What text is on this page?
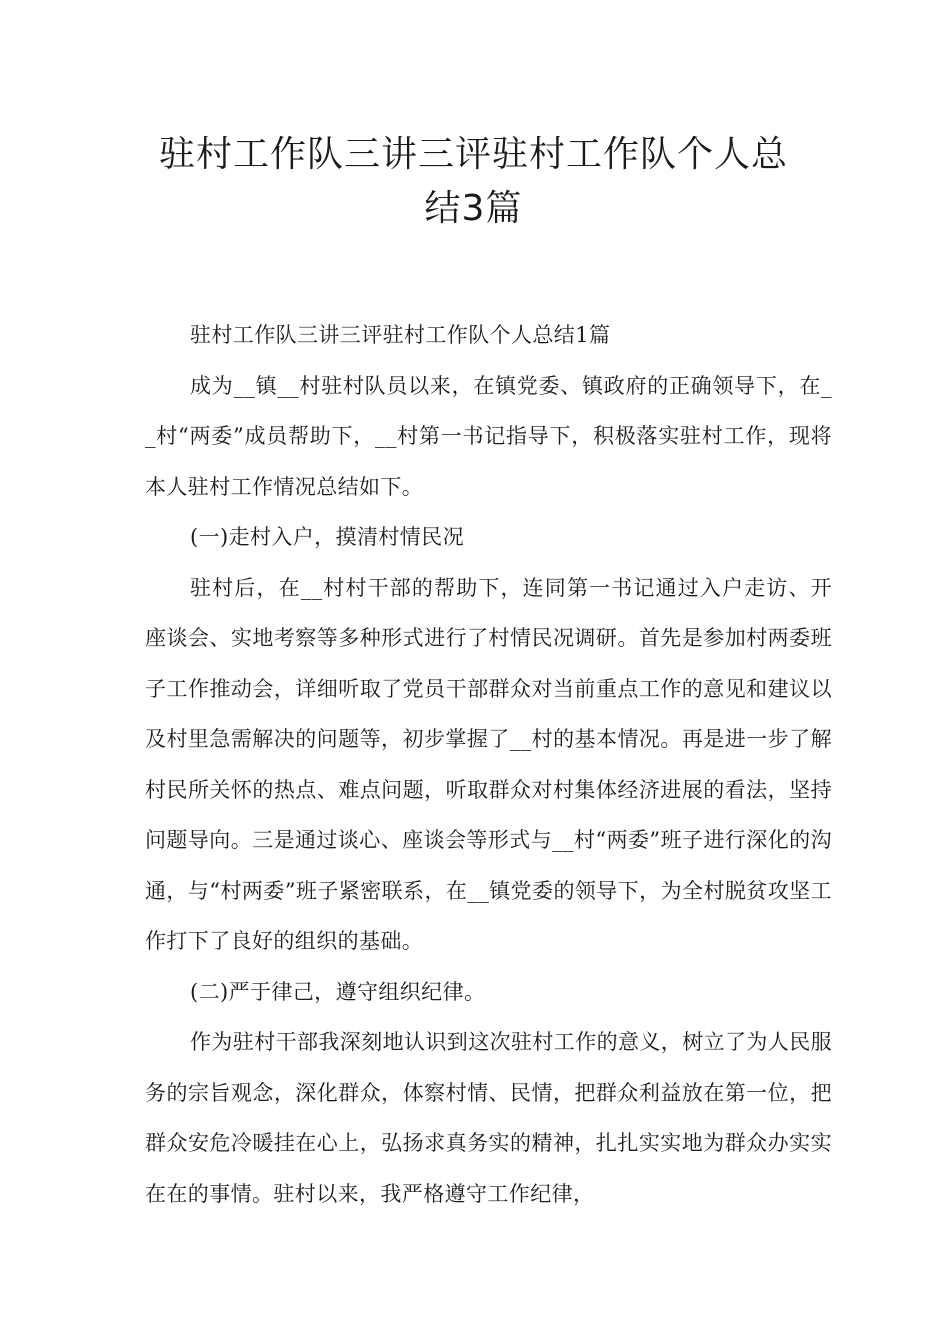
驻村工作队三讲三评驻村工作队个人总
结3篇

驻村工作队三讲三评驻村工作队个人总结1篇

成为__镇__村驻村队员以来，在镇党委、镇政府的正确领导下，在__村“两委”成员帮助下，__村第一书记指导下，积极落实驻村工作，现将本人驻村工作情况总结如下。

(一)走村入户，摸清村情民况

驻村后，在__村村干部的帮助下，连同第一书记通过入户走访、开座谈会、实地考察等多种形式进行了村情民况调研。首先是参加村两委班子工作推动会，详细听取了党员干部群众对当前重点工作的意见和建议以及村里急需解决的问题等，初步掌握了__村的基本情况。再是进一步了解村民所关怀的热点、难点问题，听取群众对村集体经济进展的看法，坚持问题导向。三是通过谈心、座谈会等形式与__村“两委”班子进行深化的沟通，与“村两委”班子紧密联系，在__镇党委的领导下，为全村脱贫攻坚工作打下了良好的组织的基础。

(二)严于律己，遵守组织纪律。

作为驻村干部我深刻地认识到这次驻村工作的意义，树立了为人民服务的宗旨观念，深化群众，体察村情、民情，把群众利益放在第一位，把群众安危冷暖挂在心上，弘扬求真务实的精神，扎扎实实地为群众办实实在在的事情。驻村以来，我严格遵守工作纪律，
